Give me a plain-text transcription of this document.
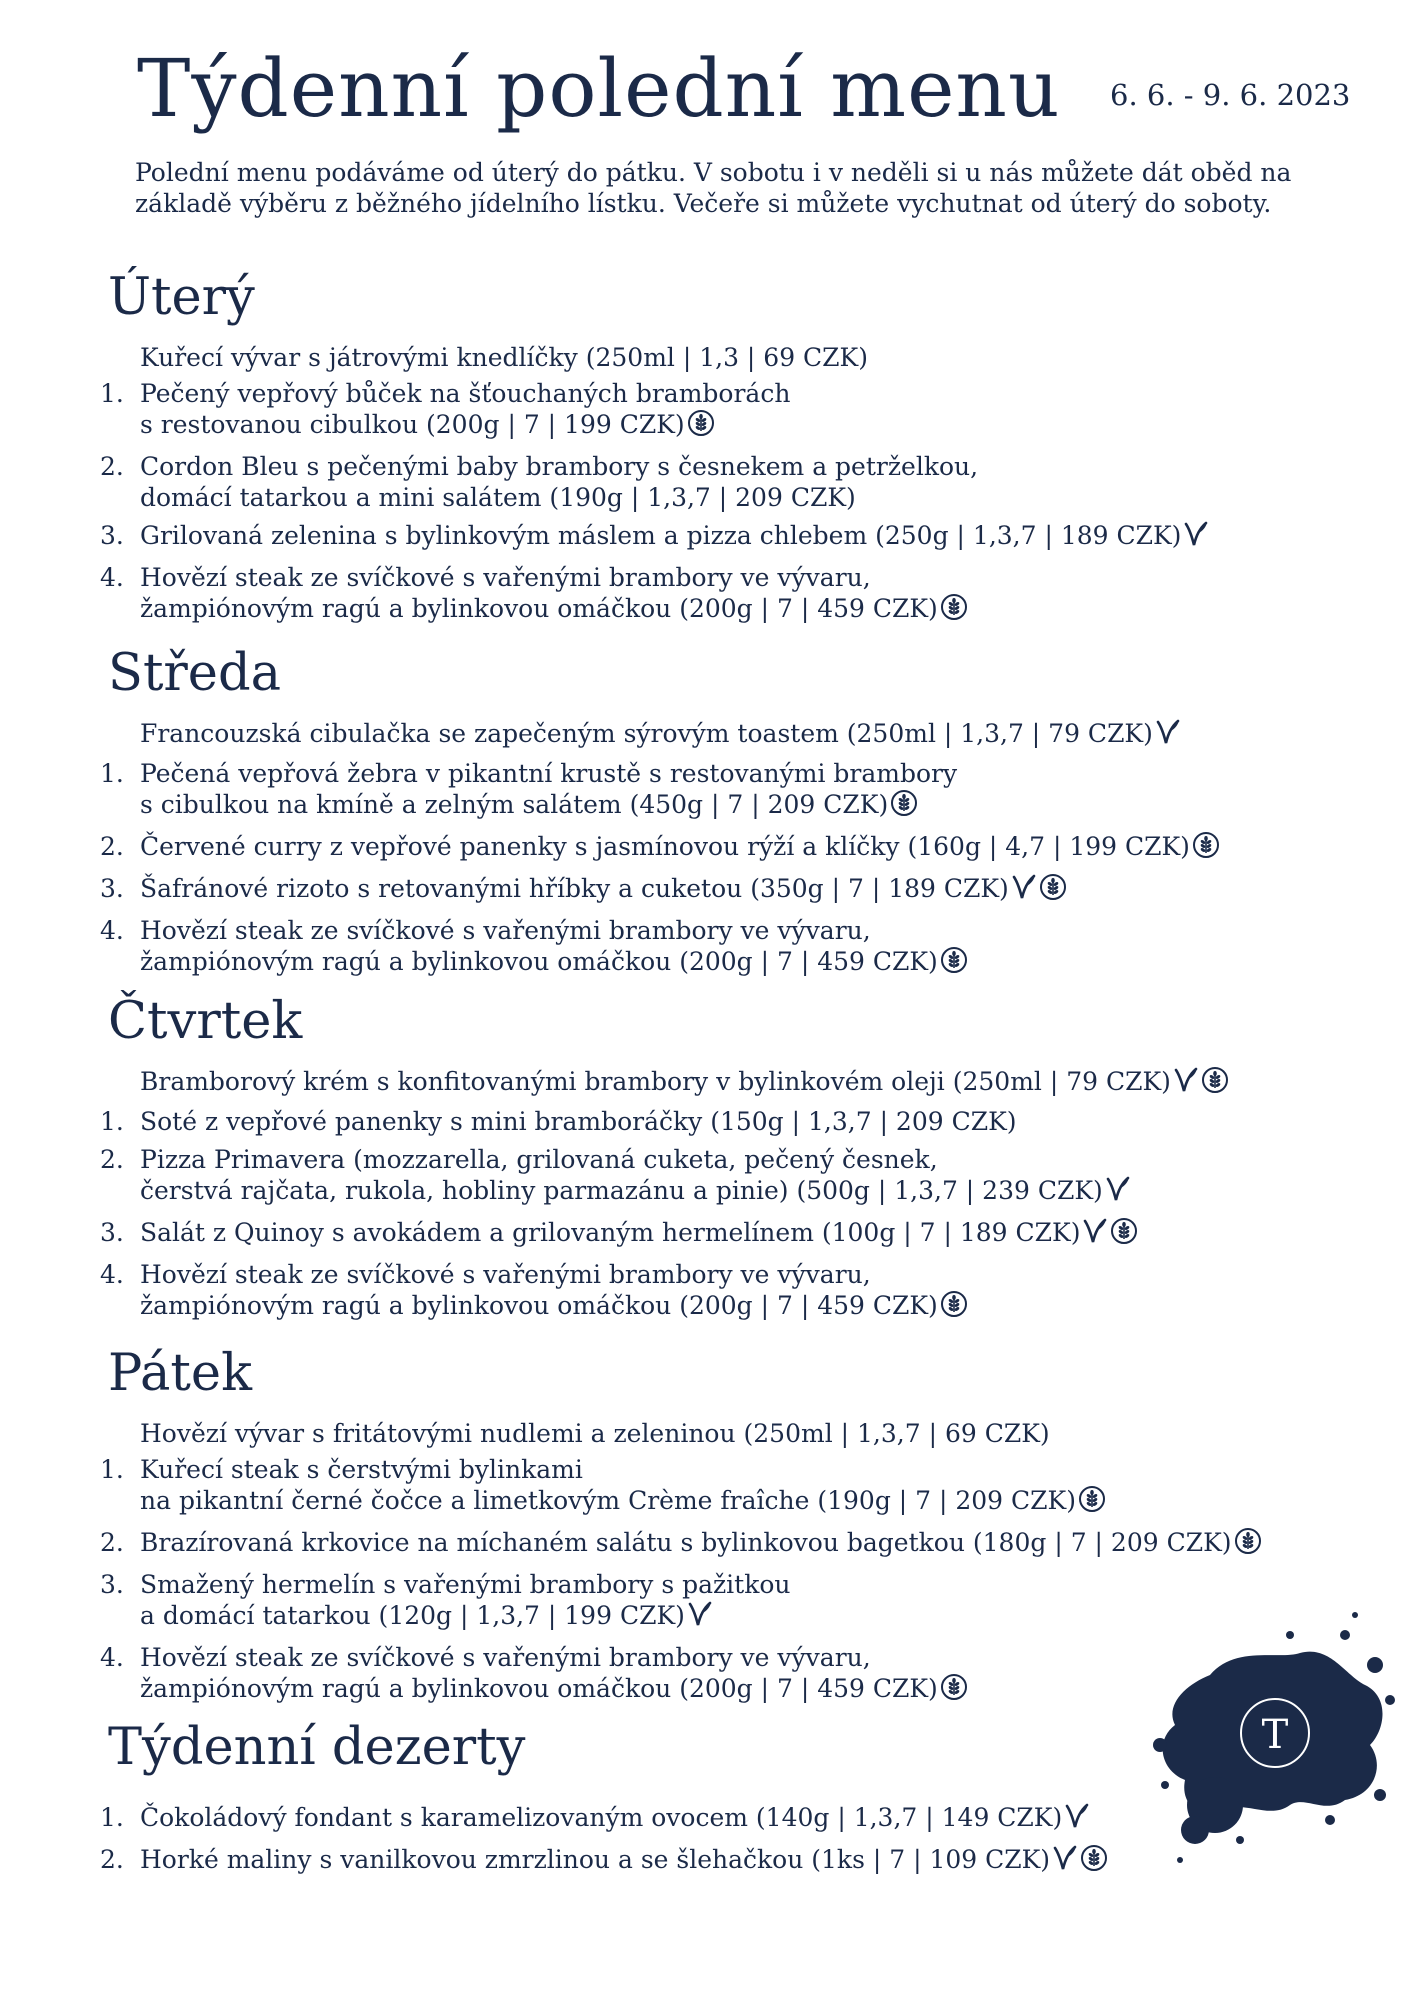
Týdenní polední menu 6. 6. - 9. 6. 2023

Polední menu podáváme od úterý do pátku. V sobotu i v neděli si u nás můžete dát oběd na základě výběru z běžného jídelního lístku. Večeře si můžete vychutnat od úterý do soboty.

Úterý
Kuřecí vývar s játrovými knedlíčky (250ml | 1,3 | 69 CZK)
1. Pečený vepřový bůček na šťouchaných bramborách
s restovanou cibulkou (200g | 7 | 199 CZK)
2. Cordon Bleu s pečenými baby brambory s česnekem a petrželkou,
domácí tatarkou a mini salátem (190g | 1,3,7 | 209 CZK)
3. Grilovaná zelenina s bylinkovým máslem a pizza chlebem (250g | 1,3,7 | 189 CZK)
4. Hovězí steak ze svíčkové s vařenými brambory ve vývaru,
žampiónovým ragú a bylinkovou omáčkou (200g | 7 | 459 CZK)
Středa
Francouzská cibulačka se zapečeným sýrovým toastem (250ml | 1,3,7 | 79 CZK)
1. Pečená vepřová žebra v pikantní krustě s restovanými brambory
s cibulkou na kmíně a zelným salátem (450g | 7 | 209 CZK)
2. Červené curry z vepřové panenky s jasmínovou rýží a klíčky (160g | 4,7 | 199 CZK)
3. Šafránové rizoto s retovanými hříbky a cuketou (350g | 7 | 189 CZK)
4. Hovězí steak ze svíčkové s vařenými brambory ve vývaru,
žampiónovým ragú a bylinkovou omáčkou (200g | 7 | 459 CZK)
Čtvrtek
Bramborový krém s konfitovanými brambory v bylinkovém oleji (250ml | 79 CZK)
1. Soté z vepřové panenky s mini bramboráčky (150g | 1,3,7 | 209 CZK)
2. Pizza Primavera (mozzarella, grilovaná cuketa, pečený česnek,
čerstvá rajčata, rukola, hobliny parmazánu a pinie) (500g | 1,3,7 | 239 CZK)
3. Salát z Quinoy s avokádem a grilovaným hermelínem (100g | 7 | 189 CZK)
4. Hovězí steak ze svíčkové s vařenými brambory ve vývaru,
žampiónovým ragú a bylinkovou omáčkou (200g | 7 | 459 CZK)
Pátek
Hovězí vývar s fritátovými nudlemi a zeleninou (250ml | 1,3,7 | 69 CZK)
1. Kuřecí steak s čerstvými bylinkami
na pikantní černé čočce a limetkovým Crème fraîche (190g | 7 | 209 CZK)
2. Brazírovaná krkovice na míchaném salátu s bylinkovou bagetkou (180g | 7 | 209 CZK)
3. Smažený hermelín s vařenými brambory s pažitkou
a domácí tatarkou (120g | 1,3,7 | 199 CZK)
4. Hovězí steak ze svíčkové s vařenými brambory ve vývaru,
žampiónovým ragú a bylinkovou omáčkou (200g | 7 | 459 CZK)
Týdenní dezerty
1. Čokoládový fondant s karamelizovaným ovocem (140g | 1,3,7 | 149 CZK)
2. Horké maliny s vanilkovou zmrzlinou a se šlehačkou (1ks | 7 | 109 CZK)
T
